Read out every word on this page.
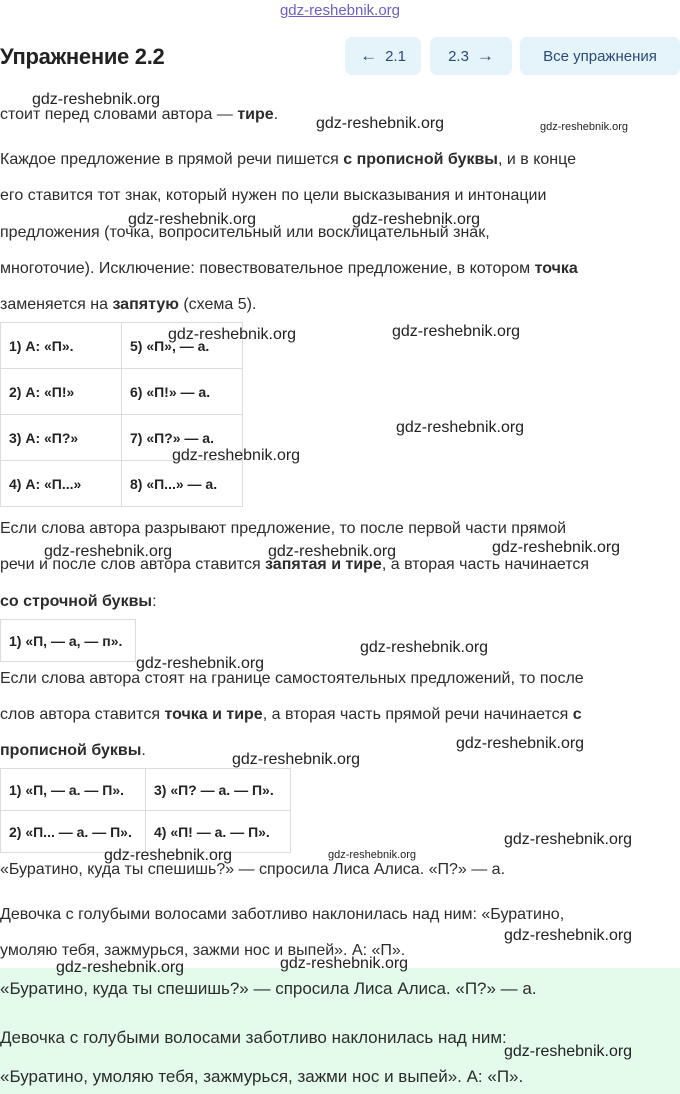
gdz-reshebnik.org
Упражнение 2.2	← 2.1	2.3 →	Все упражнения
стоит перед словами автора — тире.
Каждое предложение в прямой речи пишется с прописной буквы, и в конце
его ставится тот знак, который нужен по цели высказывания и интонации
предложения (точка, вопросительный или восклицательный знак,
многоточие). Исключение: повествовательное предложение, в котором точка
заменяется на запятую (схема 5).
1) А: «П».	5) «П», — а.
2) А: «П!»	6) «П!» — а.
3) А: «П?»	7) «П?» — а.
4) А: «П...»	8) «П...» — а.
Если слова автора разрывают предложение, то после первой части прямой
речи и после слов автора ставится запятая и тире, а вторая часть начинается
со строчной буквы:
1) «П, — а, — п».
Если слова автора стоят на границе самостоятельных предложений, то после
слов автора ставится точка и тире, а вторая часть прямой речи начинается с
прописной буквы.
1) «П, — а. — П».	3) «П? — а. — П».
2) «П... — а. — П».	4) «П! — а. — П».
«Буратино, куда ты спешишь?» — спросила Лиса Алиса. «П?» — а.
Девочка с голубыми волосами заботливо наклонилась над ним: «Буратино,
умоляю тебя, зажмурься, зажми нос и выпей». А: «П».
«Буратино, куда ты спешишь?» — спросила Лиса Алиса. «П?» — а.
Девочка с голубыми волосами заботливо наклонилась над ним:
«Буратино, умоляю тебя, зажмурься, зажми нос и выпей». А: «П».
gdz-reshebnik.org
gdz-reshebnik.org	gdz-reshebnik.org
gdz-reshebnik.org	gdz-reshebnik.org
gdz-reshebnik.org	gdz-reshebnik.org
gdz-reshebnik.org
gdz-reshebnik.org
gdz-reshebnik.org	gdz-reshebnik.org	gdz-reshebnik.org
gdz-reshebnik.org
gdz-reshebnik.org
gdz-reshebnik.org
gdz-reshebnik.org
gdz-reshebnik.org
gdz-reshebnik.org	gdz-reshebnik.org
gdz-reshebnik.org
gdz-reshebnik.org	gdz-reshebnik.org
gdz-reshebnik.org
